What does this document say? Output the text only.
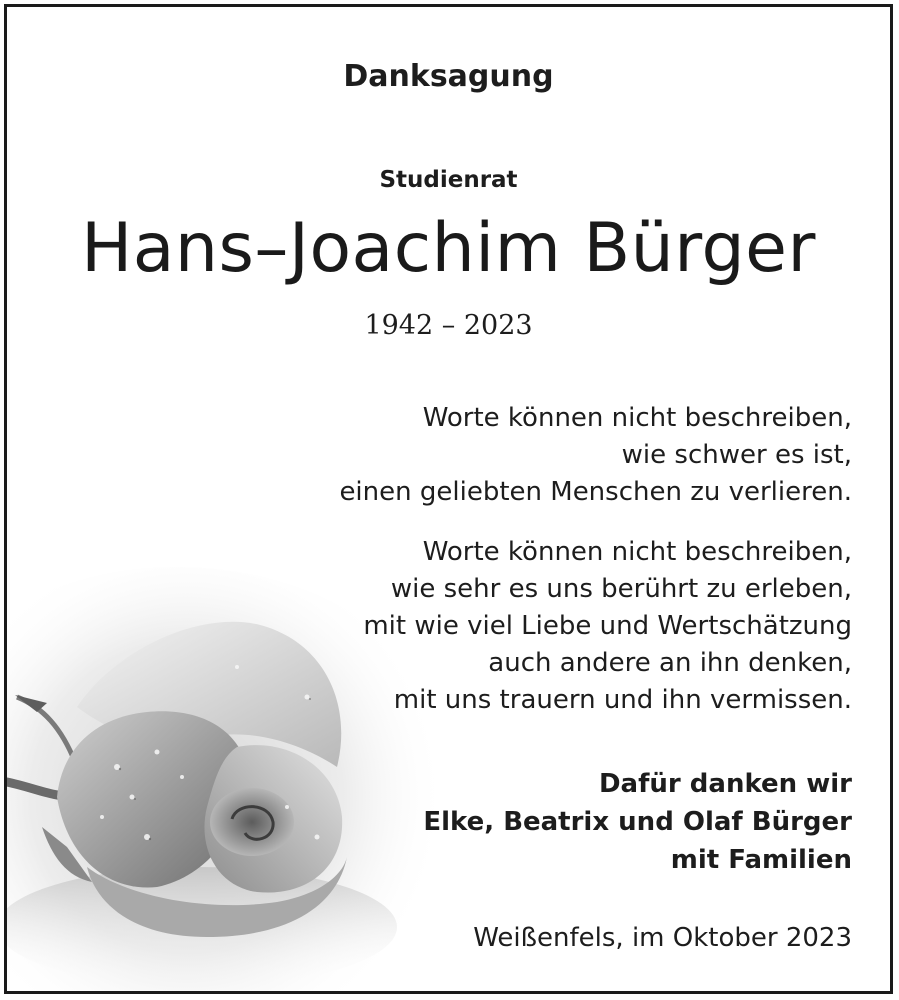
Danksagung
Studienrat
Hans–Joachim Bürger
1942 – 2023
Worte können nicht beschreiben,
wie schwer es ist,
einen geliebten Menschen zu verlieren.
Worte können nicht beschreiben,
wie sehr es uns berührt zu erleben,
mit wie viel Liebe und Wertschätzung
auch andere an ihn denken,
mit uns trauern und ihn vermissen.
Dafür danken wir
Elke, Beatrix und Olaf Bürger
mit Familien
Weißenfels, im Oktober 2023
